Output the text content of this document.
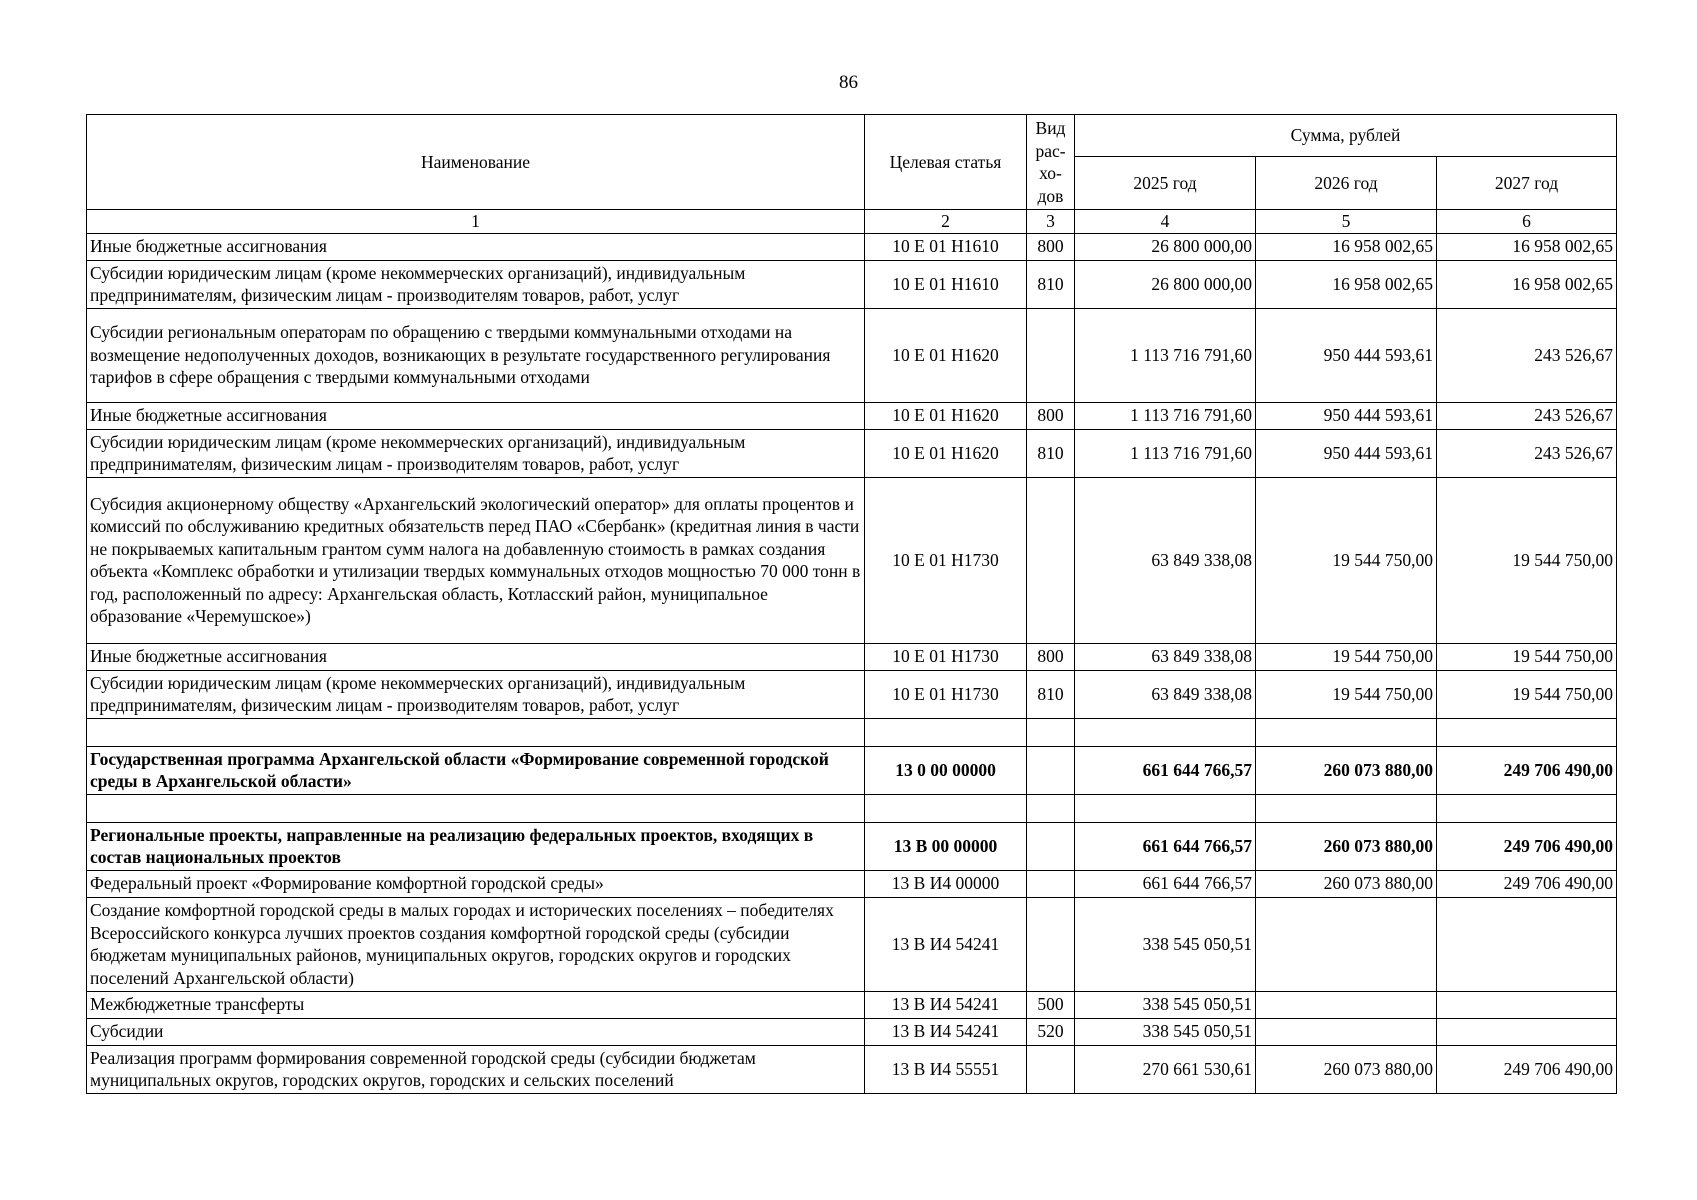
86
Наименование	Целевая статья	Вид рас-хо-дов	Сумма, рублей		
			2025 год	2026 год	2027 год
1	2	3	4	5	6
Иные бюджетные ассигнования	10 Е 01 Н1610	800	26 800 000,00	16 958 002,65	16 958 002,65
Субсидии юридическим лицам (кроме некоммерческих организаций), индивидуальным предпринимателям, физическим лицам - производителям товаров, работ, услуг	10 Е 01 Н1610	810	26 800 000,00	16 958 002,65	16 958 002,65
Субсидии региональным операторам по обращению с твердыми коммунальными отходами на возмещение недополученных доходов, возникающих в результате государственного регулирования тарифов в сфере обращения с твердыми коммунальными отходами	10 Е 01 Н1620		1 113 716 791,60	950 444 593,61	243 526,67
Иные бюджетные ассигнования	10 Е 01 Н1620	800	1 113 716 791,60	950 444 593,61	243 526,67
Субсидии юридическим лицам (кроме некоммерческих организаций), индивидуальным предпринимателям, физическим лицам - производителям товаров, работ, услуг	10 Е 01 Н1620	810	1 113 716 791,60	950 444 593,61	243 526,67
Субсидия акционерному обществу «Архангельский экологический оператор» для оплаты процентов и комиссий по обслуживанию кредитных обязательств перед ПАО «Сбербанк» (кредитная линия в части не покрываемых капитальным грантом сумм налога на добавленную стоимость в рамках создания объекта «Комплекс обработки и утилизации твердых коммунальных отходов мощностью 70 000 тонн в год, расположенный по адресу: Архангельская область, Котласский район, муниципальное образование «Черемушское»)	10 Е 01 Н1730		63 849 338,08	19 544 750,00	19 544 750,00
Иные бюджетные ассигнования	10 Е 01 Н1730	800	63 849 338,08	19 544 750,00	19 544 750,00
Субсидии юридическим лицам (кроме некоммерческих организаций), индивидуальным предпринимателям, физическим лицам - производителям товаров, работ, услуг	10 Е 01 Н1730	810	63 849 338,08	19 544 750,00	19 544 750,00

Государственная программа Архангельской области «Формирование современной городской среды в Архангельской области»	13 0 00 00000		661 644 766,57	260 073 880,00	249 706 490,00

Региональные проекты, направленные на реализацию федеральных проектов, входящих в состав национальных проектов	13 В 00 00000		661 644 766,57	260 073 880,00	249 706 490,00
Федеральный проект «Формирование комфортной городской среды»	13 В И4 00000		661 644 766,57	260 073 880,00	249 706 490,00
Создание комфортной городской среды в малых городах и исторических поселениях – победителях Всероссийского конкурса лучших проектов создания комфортной городской среды (субсидии бюджетам муниципальных районов, муниципальных округов, городских округов и городских поселений Архангельской области)	13 В И4 54241		338 545 050,51		
Межбюджетные трансферты	13 В И4 54241	500	338 545 050,51		
Субсидии	13 В И4 54241	520	338 545 050,51		
Реализация программ формирования современной городской среды (субсидии бюджетам муниципальных округов, городских округов, городских и сельских поселений	13 В И4 55551		270 661 530,61	260 073 880,00	249 706 490,00
